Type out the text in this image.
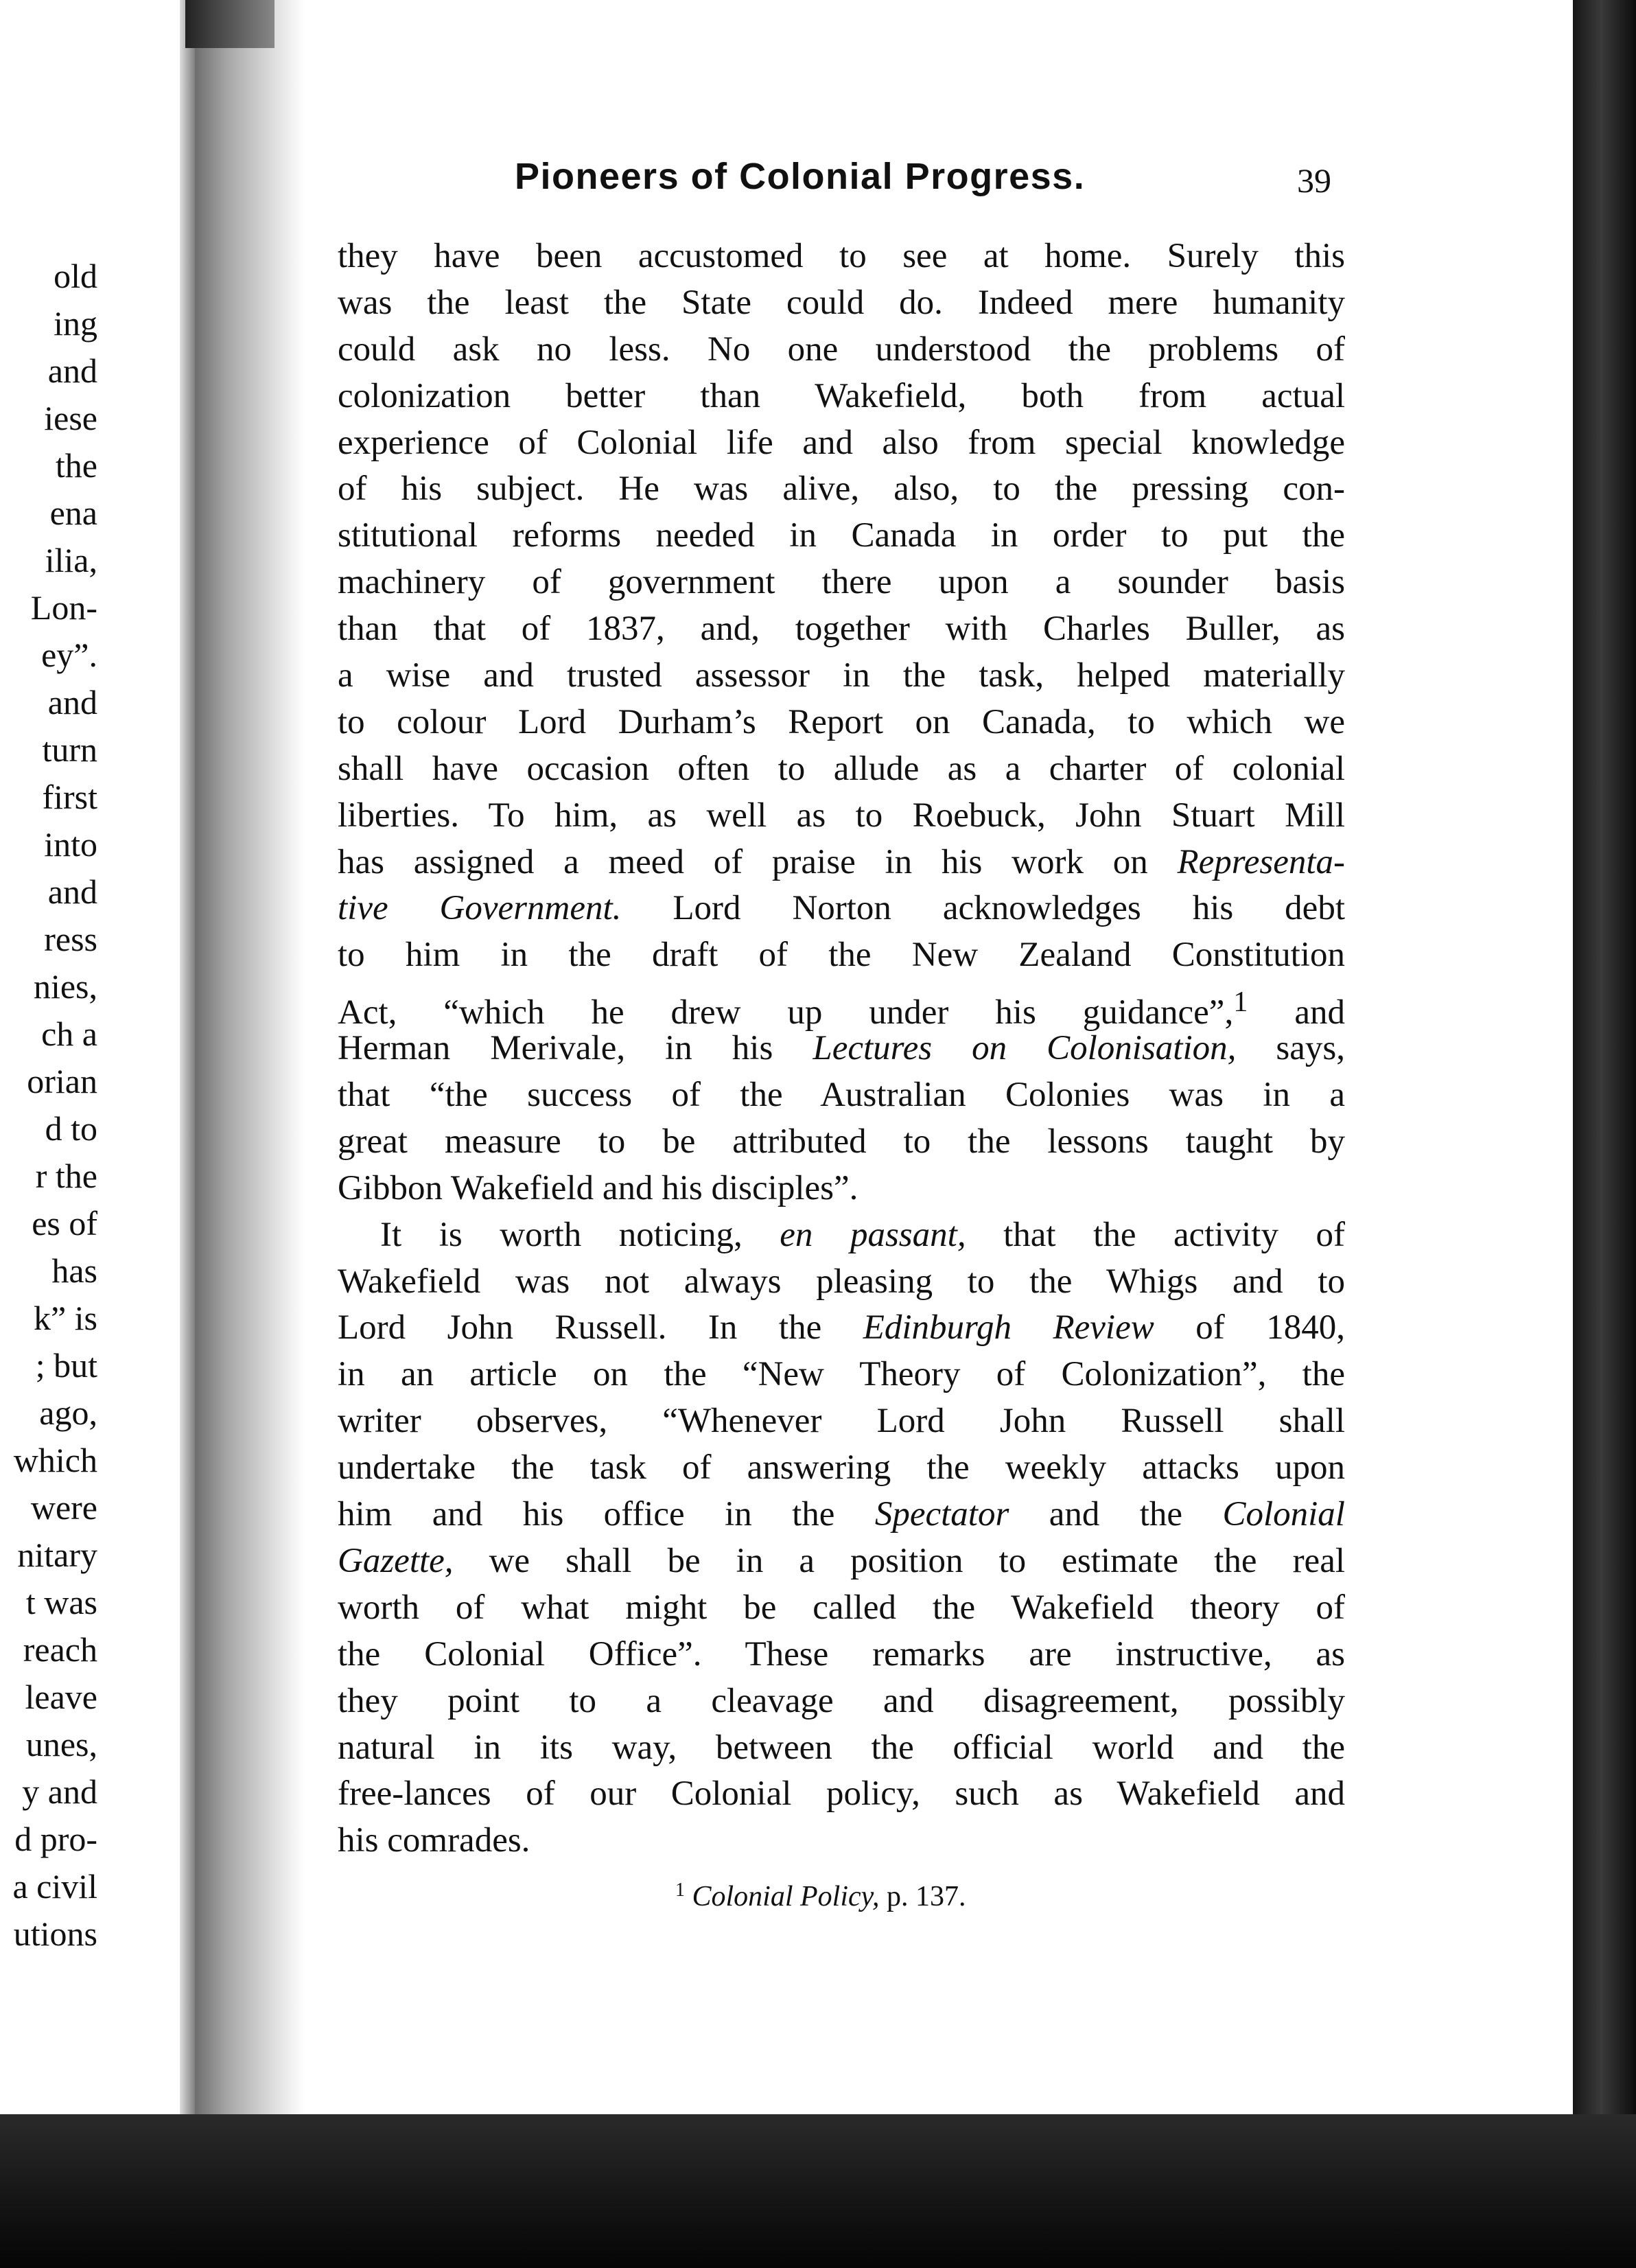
old
ing
and
iese
the
ena
ilia,
Lon-
ey”.
and
turn
first
into
and
ress
nies,
ch a
orian
d to
r the
es of
has
k” is
; but
ago,
which
were
nitary
t was
reach
leave
unes,
y and
d pro-
a civil
utions
Pioneers of Colonial Progress.	39
they have been accustomed to see at home. Surely this
was the least the State could do. Indeed mere humanity
could ask no less. No one understood the problems of
colonization better than Wakefield, both from actual
experience of Colonial life and also from special knowledge
of his subject. He was alive, also, to the pressing con-
stitutional reforms needed in Canada in order to put the
machinery of government there upon a sounder basis
than that of 1837, and, together with Charles Buller, as
a wise and trusted assessor in the task, helped materially
to colour Lord Durham’s Report on Canada, to which we
shall have occasion often to allude as a charter of colonial
liberties. To him, as well as to Roebuck, John Stuart Mill
has assigned a meed of praise in his work on Representa-
tive Government. Lord Norton acknowledges his debt
to him in the draft of the New Zealand Constitution
Act, “which he drew up under his guidance”,$^1$ and
Herman Merivale, in his Lectures on Colonisation, says,
that “the success of the Australian Colonies was in a
great measure to be attributed to the lessons taught by
Gibbon Wakefield and his disciples”.
It is worth noticing, en passant, that the activity of
Wakefield was not always pleasing to the Whigs and to
Lord John Russell. In the Edinburgh Review of 1840,
in an article on the “New Theory of Colonization”, the
writer observes, “Whenever Lord John Russell shall
undertake the task of answering the weekly attacks upon
him and his office in the Spectator and the Colonial
Gazette, we shall be in a position to estimate the real
worth of what might be called the Wakefield theory of
the Colonial Office”. These remarks are instructive, as
they point to a cleavage and disagreement, possibly
natural in its way, between the official world and the
free-lances of our Colonial policy, such as Wakefield and
his comrades.
$^1$ Colonial Policy, p. 137.
